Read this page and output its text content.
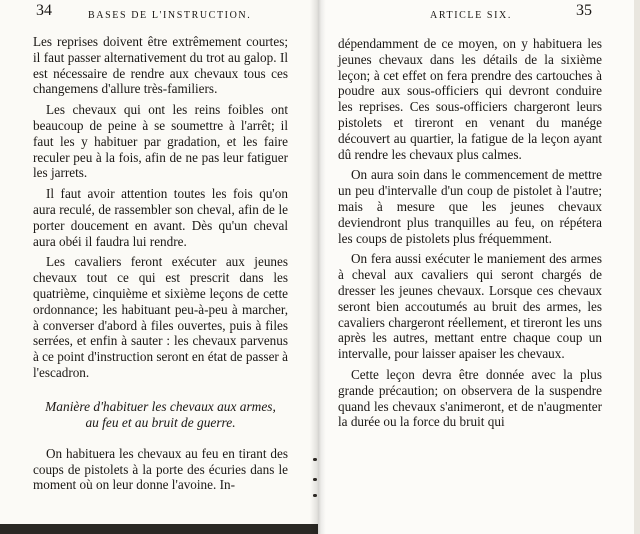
34	BASES DE L'INSTRUCTION.

Les reprises doivent être extrêmement courtes; il faut passer alternativement du trot au galop. Il est nécessaire de rendre aux chevaux tous ces changemens d'allure très-familiers.

Les chevaux qui ont les reins foibles ont beaucoup de peine à se soumettre à l'arrêt; il faut les y habituer par gradation, et les faire reculer peu à la fois, afin de ne pas leur fatiguer les jarrets.

Il faut avoir attention toutes les fois qu'on aura reculé, de rassembler son cheval, afin de le porter doucement en avant. Dès qu'un cheval aura obéi il faudra lui rendre.

Les cavaliers feront exécuter aux jeunes chevaux tout ce qui est prescrit dans les quatrième, cinquième et sixième leçons de cette ordonnance; les habituant peu-à-peu à marcher, à converser d'abord à files ouvertes, puis à files serrées, et enfin à sauter : les chevaux parvenus à ce point d'instruction seront en état de passer à l'escadron.

Manière d'habituer les chevaux aux armes,
au feu et au bruit de guerre.

On habituera les chevaux au feu en tirant des coups de pistolets à la porte des écuries dans le moment où on leur donne l'avoine. In-

ARTICLE SIX.	35

dépendamment de ce moyen, on y habituera les jeunes chevaux dans les détails de la sixième leçon; à cet effet on fera prendre des cartouches à poudre aux sous-officiers qui devront conduire les reprises. Ces sous-officiers chargeront leurs pistolets et tireront en venant du manége découvert au quartier, la fatigue de la leçon ayant dû rendre les chevaux plus calmes.

On aura soin dans le commencement de mettre un peu d'intervalle d'un coup de pistolet à l'autre; mais à mesure que les jeunes chevaux deviendront plus tranquilles au feu, on répétera les coups de pistolets plus fréquemment.

On fera aussi exécuter le maniement des armes à cheval aux cavaliers qui seront chargés de dresser les jeunes chevaux. Lorsque ces chevaux seront bien accoutumés au bruit des armes, les cavaliers chargeront réellement, et tireront les uns après les autres, mettant entre chaque coup un intervalle, pour laisser apaiser les chevaux.

Cette leçon devra être donnée avec la plus grande précaution; on observera de la suspendre quand les chevaux s'animeront, et de n'augmenter la durée ou la force du bruit qui
